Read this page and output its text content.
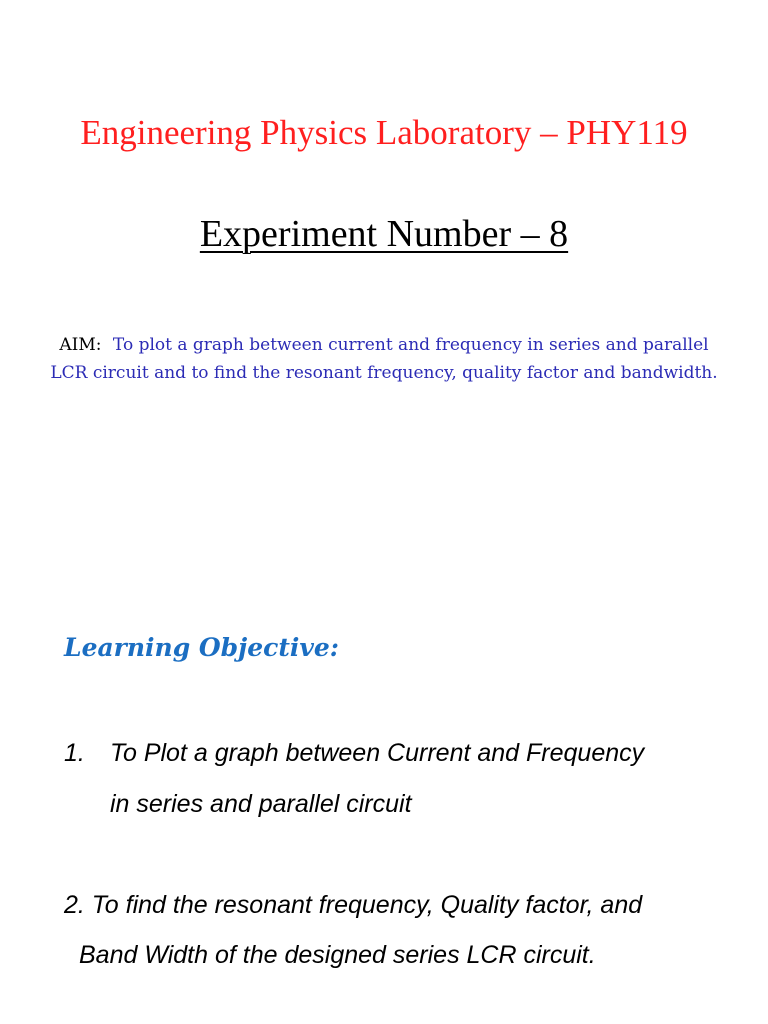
Engineering Physics Laboratory – PHY119
Experiment Number – 8
AIM: To plot a graph between current and frequency in series and parallel LCR circuit and to find the resonant frequency, quality factor and bandwidth.
Learning Objective:
1. To Plot a graph between Current and Frequency
in series and parallel circuit
2. To find the resonant frequency, Quality factor, and
Band Width of the designed series LCR circuit.
